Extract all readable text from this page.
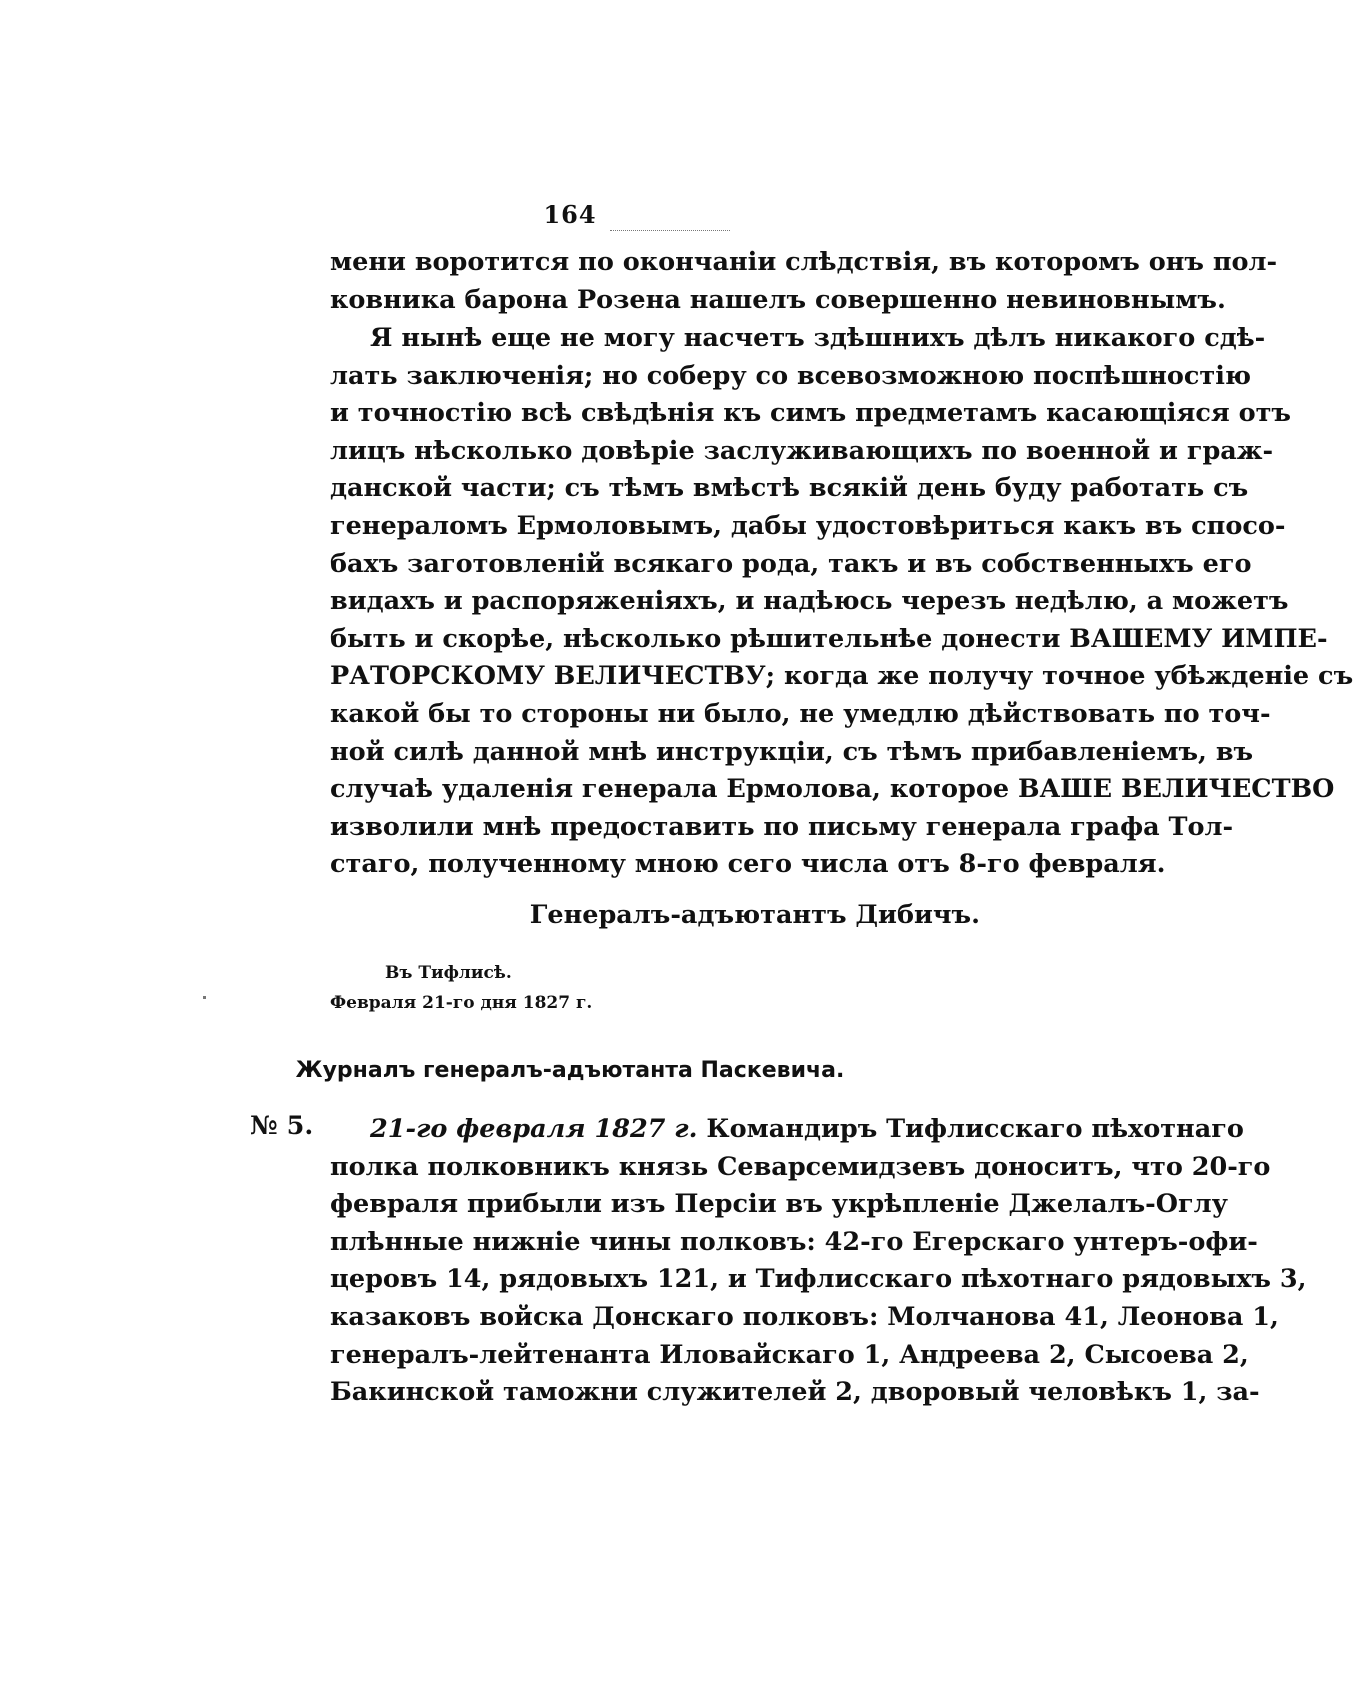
164
мени воротится по окончаніи слѣдствія, въ которомъ онъ пол-
ковника барона Розена нашелъ совершенно невиновнымъ.
Я нынѣ еще не могу насчетъ здѣшнихъ дѣлъ никакого сдѣ-
лать заключенія; но соберу со всевозможною поспѣшностію
и точностію всѣ свѣдѣнія къ симъ предметамъ касающіяся отъ
лицъ нѣсколько довѣріе заслуживающихъ по военной и граж-
данской части; съ тѣмъ вмѣстѣ всякій день буду работать съ
генераломъ Ермоловымъ, дабы удостовѣриться какъ въ спосо-
бахъ заготовленій всякаго рода, такъ и въ собственныхъ его
видахъ и распоряженіяхъ, и надѣюсь черезъ недѣлю, а можетъ
быть и скорѣе, нѣсколько рѣшительнѣе донести ВАШЕМУ ИМПЕ-
РАТОРСКОМУ ВЕЛИЧЕСТВУ; когда же получу точное убѣжденіе съ
какой бы то стороны ни было, не умедлю дѣйствовать по точ-
ной силѣ данной мнѣ инструкціи, съ тѣмъ прибавленіемъ, въ
случаѣ удаленія генерала Ермолова, которое ВАШЕ ВЕЛИЧЕСТВО
изволили мнѣ предоставить по письму генерала графа Тол-
стаго, полученному мною сего числа отъ 8-го февраля.
Генералъ-адъютантъ Дибичъ.
Въ Тифлисѣ.
Февраля 21-го дня 1827 г.
Журналъ генералъ-адъютанта Паскевича.
№ 5.	21-го февраля 1827 г. Командиръ Тифлисскаго пѣхотнаго
полка полковникъ князь Севарсемидзевъ доноситъ, что 20-го
февраля прибыли изъ Персіи въ укрѣпленіе Джелалъ-Оглу
плѣнные нижніе чины полковъ: 42-го Егерскаго унтеръ-офи-
церовъ 14, рядовыхъ 121, и Тифлисскаго пѣхотнаго рядовыхъ 3,
казаковъ войска Донскаго полковъ: Молчанова 41, Леонова 1,
генералъ-лейтенанта Иловайскаго 1, Андреева 2, Сысоева 2,
Бакинской таможни служителей 2, дворовый человѣкъ 1, за-
